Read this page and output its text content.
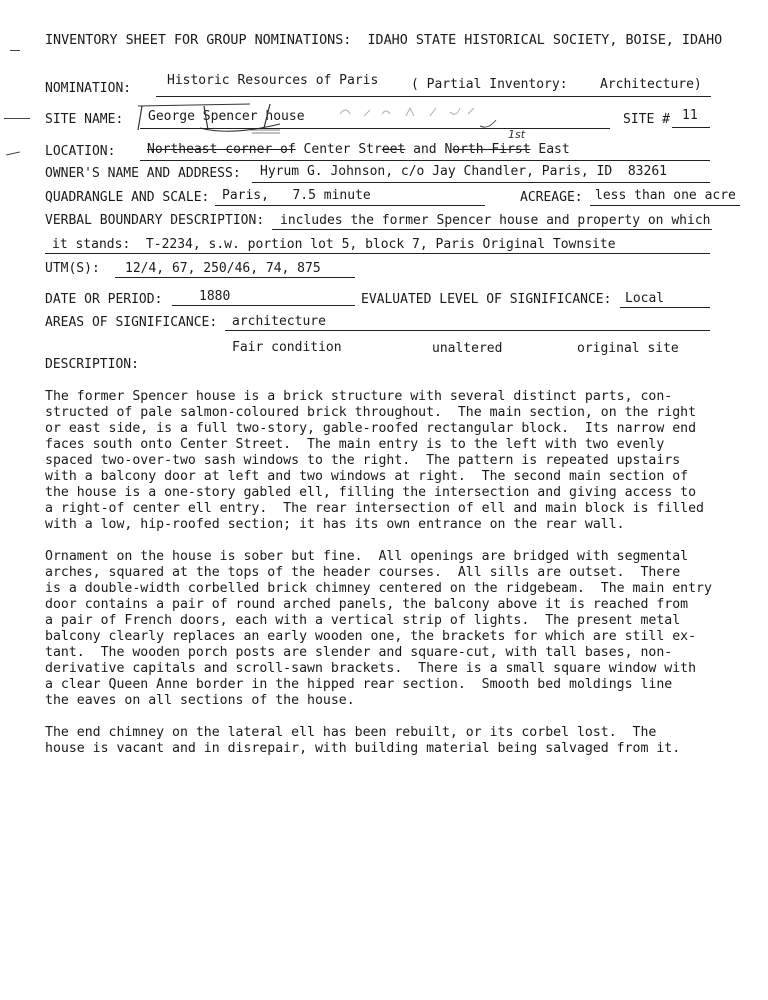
INVENTORY SHEET FOR GROUP NOMINATIONS:  IDAHO STATE HISTORICAL SOCIETY, BOISE, IDAHO
NOMINATION:
Historic Resources of Paris	( Partial Inventory: Architecture)
SITE NAME: George Spencer house	SITE # 11
LOCATION: Northeast corner of Center Street and North First East
1st
OWNER'S NAME AND ADDRESS: Hyrum G. Johnson, c/o Jay Chandler, Paris, ID  83261
QUADRANGLE AND SCALE: Paris,   7.5 minute	ACREAGE: less than one acre
VERBAL BOUNDARY DESCRIPTION: includes the former Spencer house and property on which
it stands:  T-2234, s.w. portion lot 5, block 7, Paris Original Townsite
UTM(S): 12/4, 67, 250/46, 74, 875
DATE OR PERIOD:	1880	EVALUATED LEVEL OF SIGNIFICANCE: Local
AREAS OF SIGNIFICANCE: architecture
Fair condition	unaltered	original site
DESCRIPTION:
The former Spencer house is a brick structure with several distinct parts, con-
structed of pale salmon-coloured brick throughout.  The main section, on the right
or east side, is a full two-story, gable-roofed rectangular block.  Its narrow end
faces south onto Center Street.  The main entry is to the left with two evenly
spaced two-over-two sash windows to the right.  The pattern is repeated upstairs
with a balcony door at left and two windows at right.  The second main section of
the house is a one-story gabled ell, filling the intersection and giving access to
a right-of center ell entry.  The rear intersection of ell and main block is filled
with a low, hip-roofed section; it has its own entrance on the rear wall.
Ornament on the house is sober but fine.  All openings are bridged with segmental
arches, squared at the tops of the header courses.  All sills are outset.  There
is a double-width corbelled brick chimney centered on the ridgebeam.  The main entry
door contains a pair of round arched panels, the balcony above it is reached from
a pair of French doors, each with a vertical strip of lights.  The present metal
balcony clearly replaces an early wooden one, the brackets for which are still ex-
tant.  The wooden porch posts are slender and square-cut, with tall bases, non-
derivative capitals and scroll-sawn brackets.  There is a small square window with
a clear Queen Anne border in the hipped rear section.  Smooth bed moldings line
the eaves on all sections of the house.
The end chimney on the lateral ell has been rebuilt, or its corbel lost.  The
house is vacant and in disrepair, with building material being salvaged from it.
